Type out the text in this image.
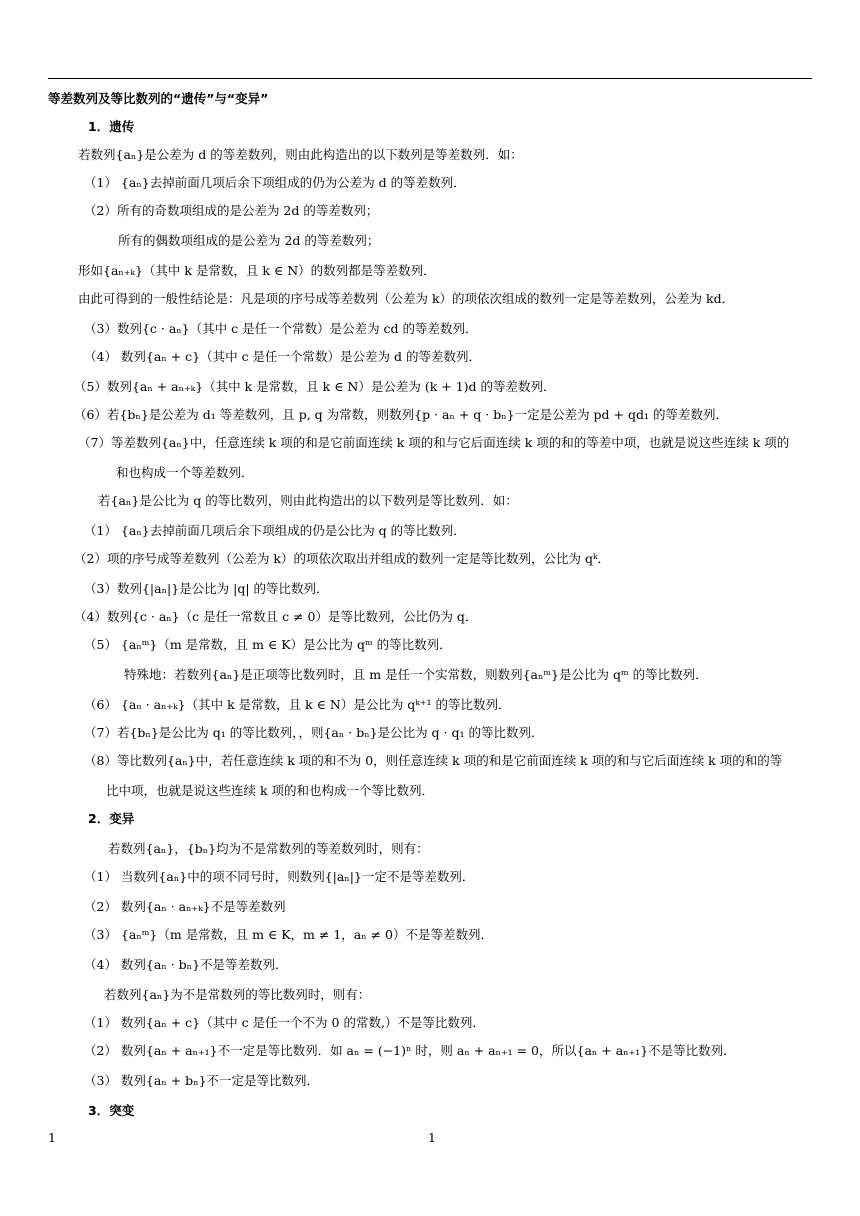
等差数列及等比数列的“遗传”与“变异”
1．遗传
若数列{aₙ}是公差为 d 的等差数列，则由此构造出的以下数列是等差数列．如：
（1） {aₙ}去掉前面几项后余下项组成的仍为公差为 d 的等差数列．
（2）所有的奇数项组成的是公差为 2d 的等差数列；
所有的偶数项组成的是公差为 2d 的等差数列；
形如{aₙ₊ₖ}（其中 k 是常数，且 k ∈ N）的数列都是等差数列．
由此可得到的一般性结论是：凡是项的序号成等差数列（公差为 k）的项依次组成的数列一定是等差数列，公差为 kd．
（3）数列{c · aₙ}（其中 c 是任一个常数）是公差为 cd 的等差数列．
（4） 数列{aₙ + c}（其中 c 是任一个常数）是公差为 d 的等差数列．
（5）数列{aₙ + aₙ₊ₖ}（其中 k 是常数，且 k ∈ N）是公差为 (k + 1)d 的等差数列．
（6）若{bₙ}是公差为 d₁ 等差数列，且 p, q 为常数，则数列{p · aₙ + q · bₙ}一定是公差为 pd + qd₁ 的等差数列．
（7）等差数列{aₙ}中，任意连续 k 项的和是它前面连续 k 项的和与它后面连续 k 项的和的等差中项，也就是说这些连续 k 项的
和也构成一个等差数列．
若{aₙ}是公比为 q 的等比数列，则由此构造出的以下数列是等比数列．如：
（1） {aₙ}去掉前面几项后余下项组成的仍是公比为 q 的等比数列．
（2）项的序号成等差数列（公差为 k）的项依次取出并组成的数列一定是等比数列，公比为 qᵏ．
（3）数列{|aₙ|}是公比为 |q| 的等比数列．
（4）数列{c · aₙ}（c 是任一常数且 c ≠ 0）是等比数列，公比仍为 q．
（5） {aₙᵐ}（m 是常数，且 m ∈ K）是公比为 qᵐ 的等比数列．
特殊地：若数列{aₙ}是正项等比数列时，且 m 是任一个实常数，则数列{aₙᵐ}是公比为 qᵐ 的等比数列．
（6） {aₙ · aₙ₊ₖ}（其中 k 是常数，且 k ∈ N）是公比为 qᵏ⁺¹ 的等比数列．
（7）若{bₙ}是公比为 q₁ 的等比数列，，则{aₙ · bₙ}是公比为 q · q₁ 的等比数列．
（8）等比数列{aₙ}中，若任意连续 k 项的和不为 0，则任意连续 k 项的和是它前面连续 k 项的和与它后面连续 k 项的和的等
比中项，也就是说这些连续 k 项的和也构成一个等比数列．
2．变异
若数列{aₙ}，{bₙ}均为不是常数列的等差数列时，则有：
（1） 当数列{aₙ}中的项不同号时，则数列{|aₙ|}一定不是等差数列．
（2） 数列{aₙ · aₙ₊ₖ}不是等差数列
（3） {aₙᵐ}（m 是常数，且 m ∈ K，m ≠ 1，aₙ ≠ 0）不是等差数列．
（4） 数列{aₙ · bₙ}不是等差数列．
若数列{aₙ}为不是常数列的等比数列时，则有：
（1） 数列{aₙ + c}（其中 c 是任一个不为 0 的常数,）不是等比数列．
（2） 数列{aₙ + aₙ₊₁}不一定是等比数列．如 aₙ = (−1)ⁿ 时，则 aₙ + aₙ₊₁ = 0，所以{aₙ + aₙ₊₁}不是等比数列．
（3） 数列{aₙ + bₙ}不一定是等比数列．
3．突变
1	1
